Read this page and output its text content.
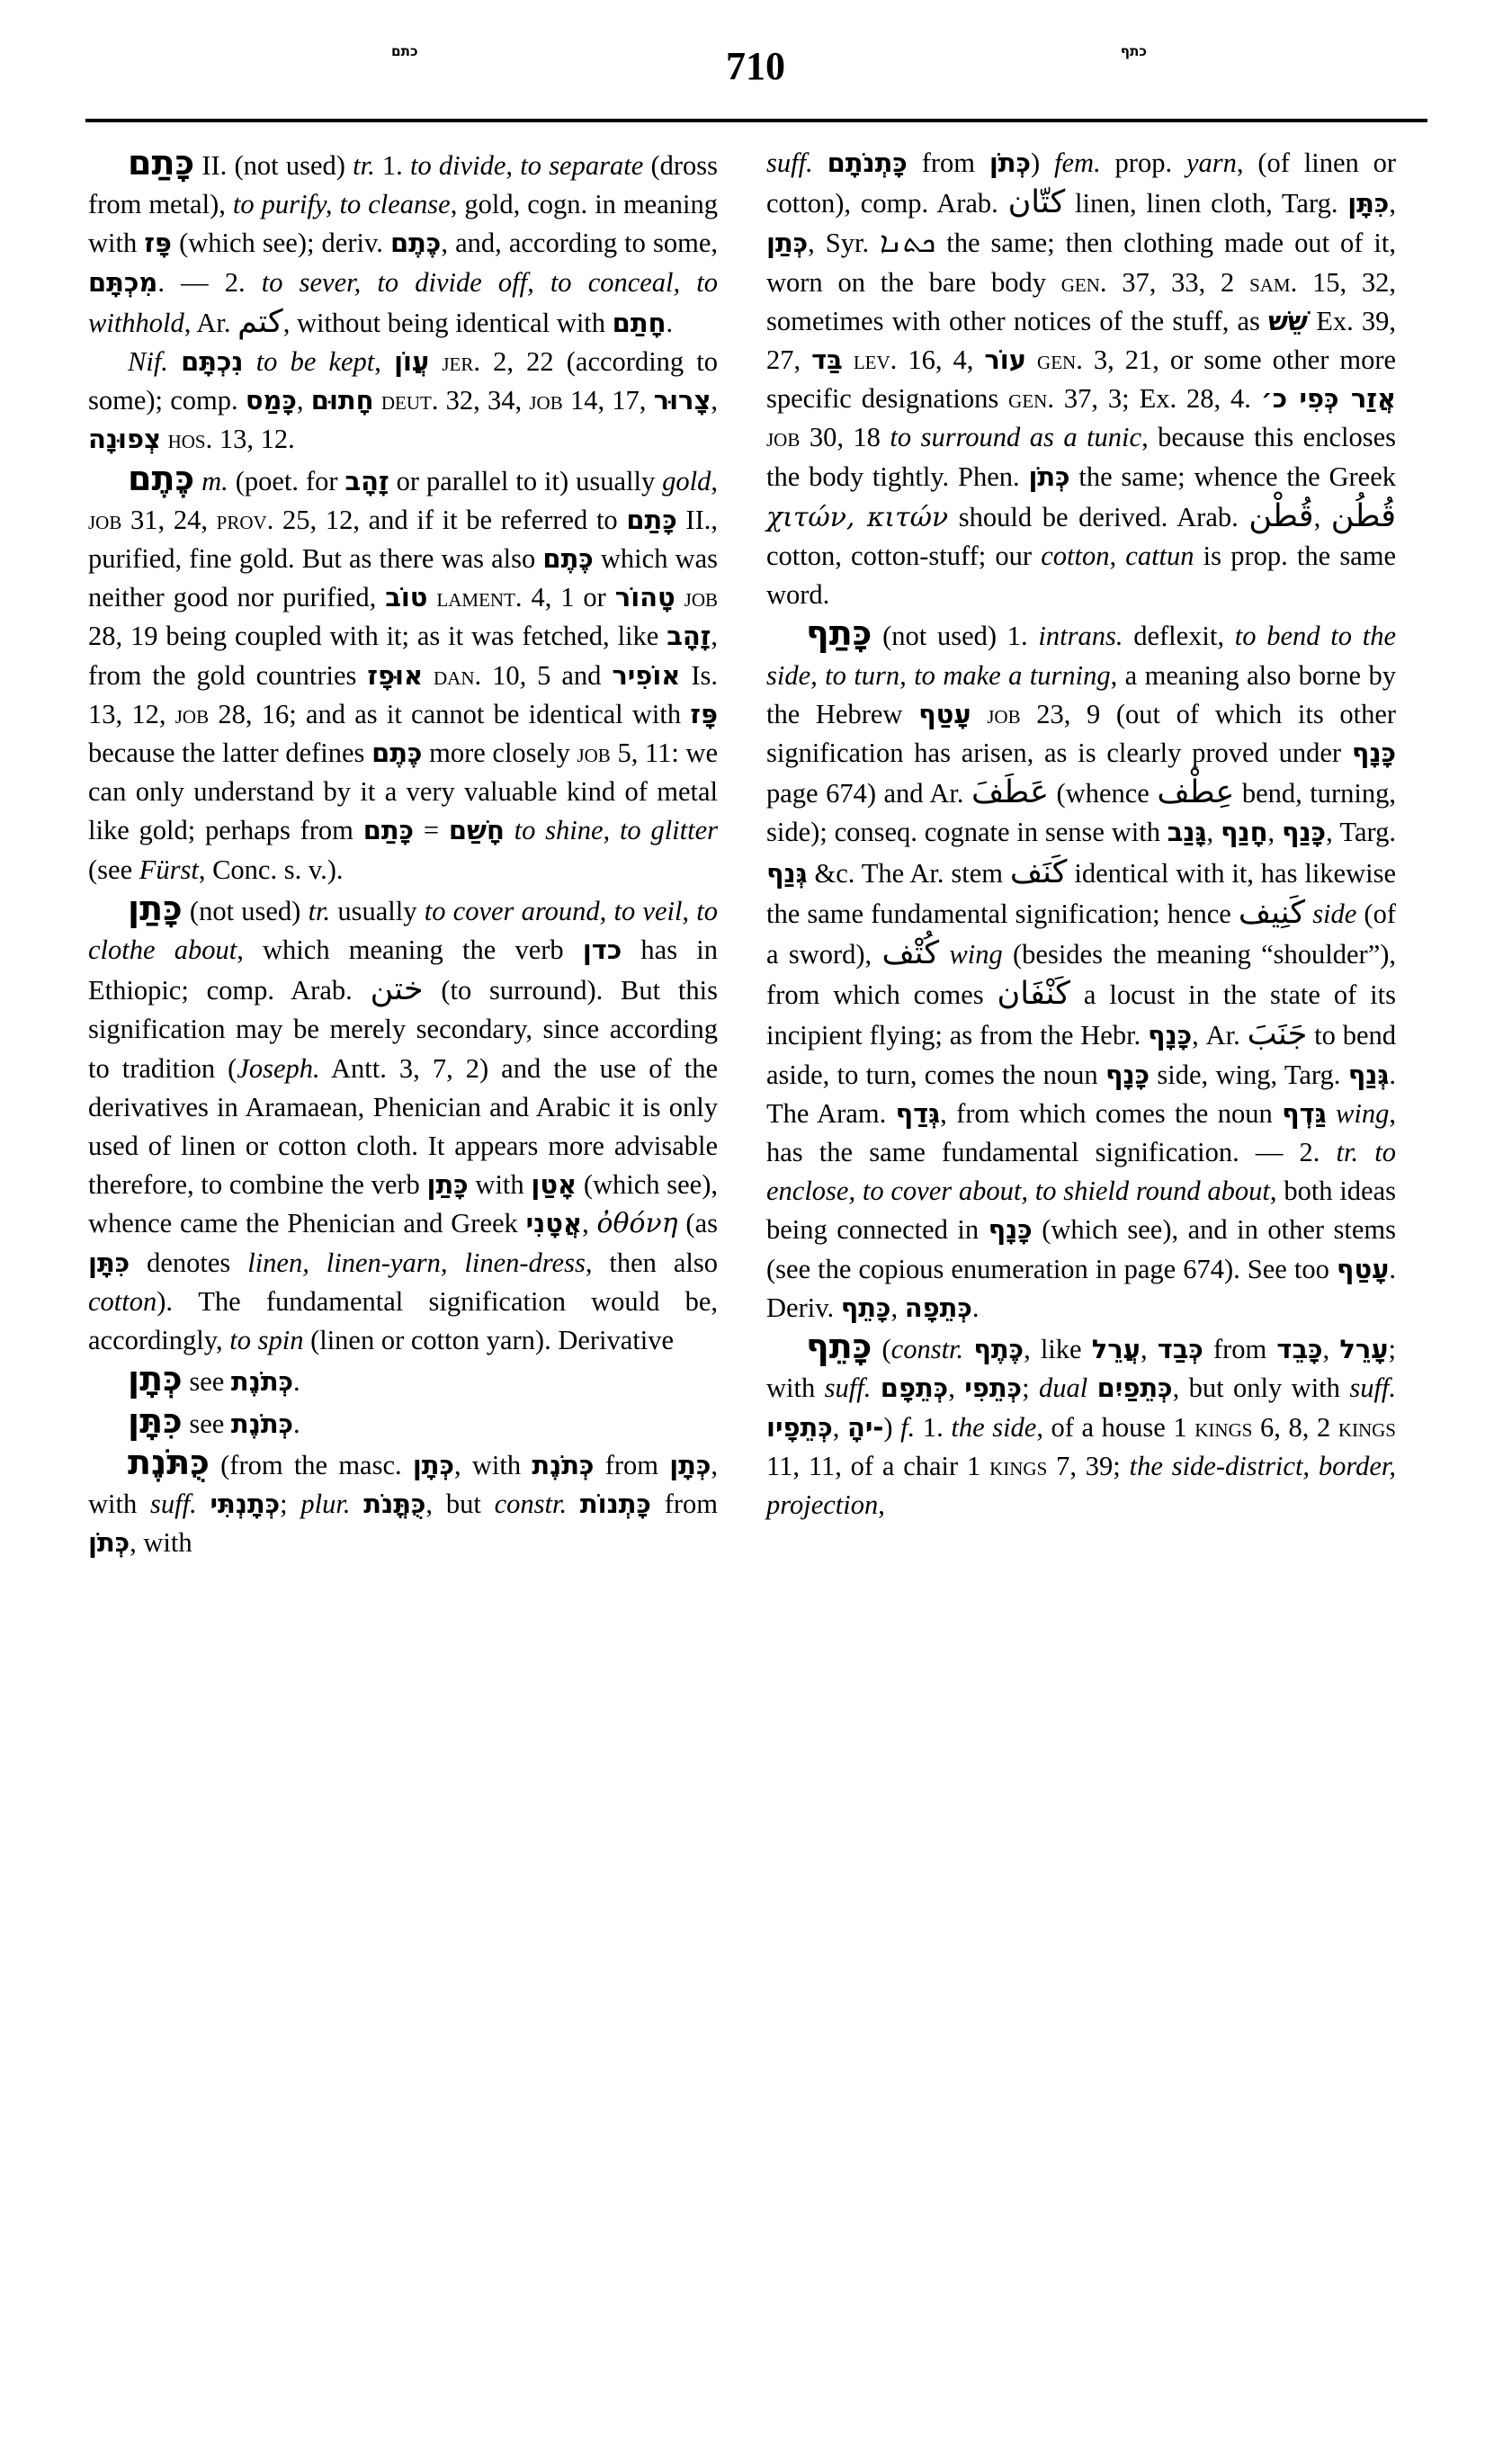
כתם	710	כתף

כָּתַם II. (not used) tr. 1. to divide, to separate (dross from metal), to purify, to cleanse, gold, cogn. in meaning with פָּז (which see); deriv. כֶּתֶם, and, according to some, מִכְתָּם. — 2. to sever, to divide off, to conceal, to withhold, Ar. كتم, without being identical with חָתַם.

Nif. נִכְתָּם to be kept, עֲוֹן jer. 2, 22 (according to some); comp. כָּמַס, חָתוּם deut. 32, 34, job 14, 17, צָרוּר, צְפוּנָה hos. 13, 12.

כֶּתֶם m. (poet. for זָהָב or parallel to it) usually gold, job 31, 24, prov. 25, 12, and if it be referred to כָּתַם II., purified, fine gold. But as there was also כֶּתֶם which was neither good nor purified, טוֹב lament. 4, 1 or טָהוֹר job 28, 19 being coupled with it; as it was fetched, like זָהָב, from the gold countries אוּפָז dan. 10, 5 and אוֹפִיר Is. 13, 12, job 28, 16; and as it cannot be identical with פָּז because the latter defines כֶּתֶם more closely job 5, 11: we can only understand by it a very valuable kind of metal like gold; perhaps from כָּתַם = חָשַׁם to shine, to glitter (see Fürst, Conc. s. v.).

כָּתַן (not used) tr. usually to cover around, to veil, to clothe about, which meaning the verb כדן has in Ethiopic; comp. Arab. ختن (to surround). But this signification may be merely secondary, since according to tradition (Joseph. Antt. 3, 7, 2) and the use of the derivatives in Aramaean, Phenician and Arabic it is only used of linen or cotton cloth. It appears more advisable therefore, to combine the verb כָּתַן with אָטַן (which see), whence came the Phenician and Greek אֲטָנִי, ὀθόνη (as כִּתָּן denotes linen, linen-yarn, linen-dress, then also cotton). The fundamental signification would be, accordingly, to spin (linen or cotton yarn). Derivative

כְּתָן see כְּתֹנֶת.

כִּתָּן see כְּתֹנֶת.

כֻּתֹּנֶת (from the masc. כְּתָן, with כְּתֹנֶת from כְּתָן, with suff. כְּתָנְתִּי; plur. כֻּתֳּנֹת, but constr. כָּתְנוֹת from כְּתֹן, with

suff. כָּתְנֹתָם from כְּתֹן) fem. prop. yarn, (of linen or cotton), comp. Arab. كتّان linen, linen cloth, Targ. כִּתָּן, כְּתַן, Syr. ܟܬܢܐ the same; then clothing made out of it, worn on the bare body gen. 37, 33, 2 sam. 15, 32, sometimes with other notices of the stuff, as שֵׁשׁ Ex. 39, 27, בַּד lev. 16, 4, עוֹר gen. 3, 21, or some other more specific designations gen. 37, 3; Ex. 28, 4. אֲזַר כְּפִי כ׳ job 30, 18 to surround as a tunic, because this encloses the body tightly. Phen. כְּתֹן the same; whence the Greek χιτών, κιτών should be derived. Arab. قُطْن, قُطُن cotton, cotton-stuff; our cotton, cattun is prop. the same word.

כָּתַף (not used) 1. intrans. deflexit, to bend to the side, to turn, to make a turning, a meaning also borne by the Hebrew עָטַף job 23, 9 (out of which its other signification has arisen, as is clearly proved under כָּנָף page 674) and Ar. عَطَفَ (whence عِطْف bend, turning, side); conseq. cognate in sense with גָּנַב, חָנַף, כָּנַף, Targ. גְּנַף &c. The Ar. stem كَنَف identical with it, has likewise the same fundamental signification; hence كَنِيف side (of a sword), كُتْف wing (besides the meaning “shoulder”), from which comes كَنْفَان a locust in the state of its incipient flying; as from the Hebr. כָּנָף, Ar. جَنَبَ to bend aside, to turn, comes the noun כָּנָף side, wing, Targ. גְּנַף. The Aram. גְּדַף, from which comes the noun גַּדְף wing, has the same fundamental signification. — 2. tr. to enclose, to cover about, to shield round about, both ideas being connected in כָּנָף (which see), and in other stems (see the copious enumeration in page 674). See too עָטַף. Deriv. כָּתֵף, כְּתֵפָה.

כָּתֵף (constr. כֶּתֶף, like עֲרֵל, כְּבַד from כָּבֵד, עָרֵל; with suff. כְּתֵפָם, כְּתֵפִי; dual כְּתֵפַיִם, but only with suff. כְּתֵפָיו, ‑יהָ) f. 1. the side, of a house 1 kings 6, 8, 2 kings 11, 11, of a chair 1 kings 7, 39; the side-district, border, projection,
